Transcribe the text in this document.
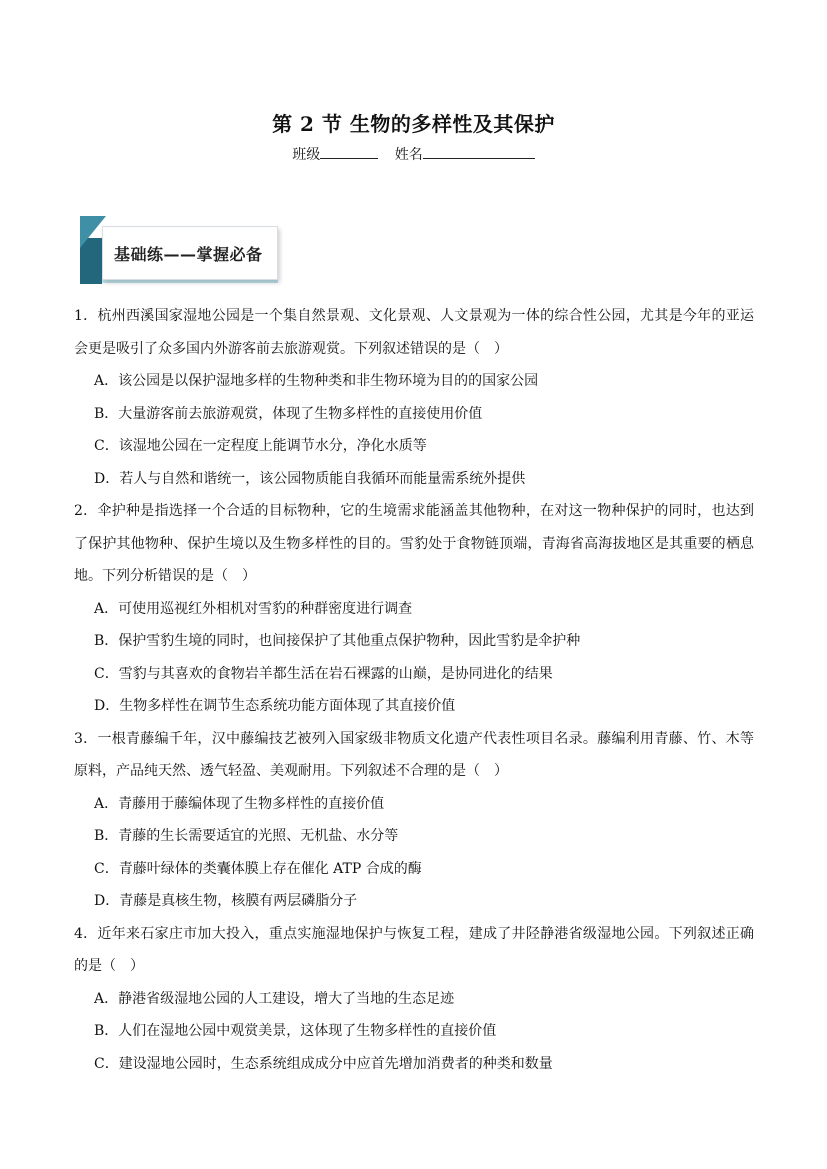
第 2 节 生物的多样性及其保护
班级	姓名
基础练——掌握必备
1．杭州西溪国家湿地公园是一个集自然景观、文化景观、人文景观为一体的综合性公园，尤其是今年的亚运会更是吸引了众多国内外游客前去旅游观赏。下列叙述错误的是（　）
A．该公园是以保护湿地多样的生物种类和非生物环境为目的的国家公园
B．大量游客前去旅游观赏，体现了生物多样性的直接使用价值
C．该湿地公园在一定程度上能调节水分，净化水质等
D．若人与自然和谐统一，该公园物质能自我循环而能量需系统外提供
2．伞护种是指选择一个合适的目标物种，它的生境需求能涵盖其他物种，在对这一物种保护的同时，也达到了保护其他物种、保护生境以及生物多样性的目的。雪豹处于食物链顶端，青海省高海拔地区是其重要的栖息地。下列分析错误的是（　）
A．可使用巡视红外相机对雪豹的种群密度进行调查
B．保护雪豹生境的同时，也间接保护了其他重点保护物种，因此雪豹是伞护种
C．雪豹与其喜欢的食物岩羊都生活在岩石裸露的山巅，是协同进化的结果
D．生物多样性在调节生态系统功能方面体现了其直接价值
3．一根青藤编千年，汉中藤编技艺被列入国家级非物质文化遗产代表性项目名录。藤编利用青藤、竹、木等原料，产品纯天然、透气轻盈、美观耐用。下列叙述不合理的是（　）
A．青藤用于藤编体现了生物多样性的直接价值
B．青藤的生长需要适宜的光照、无机盐、水分等
C．青藤叶绿体的类囊体膜上存在催化 ATP 合成的酶
D．青藤是真核生物，核膜有两层磷脂分子
4．近年来石家庄市加大投入，重点实施湿地保护与恢复工程，建成了井陉静港省级湿地公园。下列叙述正确的是（　）
A．静港省级湿地公园的人工建设，增大了当地的生态足迹
B．人们在湿地公园中观赏美景，这体现了生物多样性的直接价值
C．建设湿地公园时，生态系统组成成分中应首先增加消费者的种类和数量
